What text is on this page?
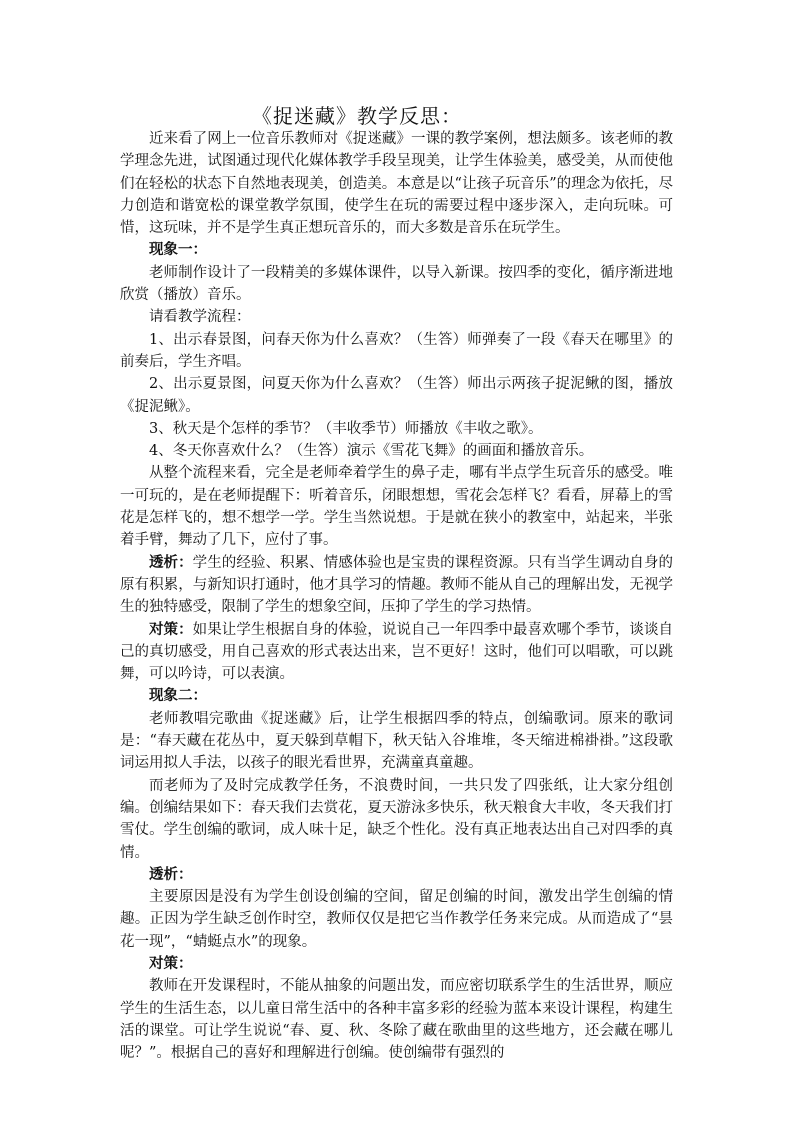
《捉迷藏》教学反思：

近来看了网上一位音乐教师对《捉迷藏》一课的教学案例，想法颇多。该老师的教学理念先进，试图通过现代化媒体教学手段呈现美，让学生体验美，感受美，从而使他们在轻松的状态下自然地表现美，创造美。本意是以“让孩子玩音乐”的理念为依托，尽力创造和谐宽松的课堂教学氛围，使学生在玩的需要过程中逐步深入，走向玩味。可惜，这玩味，并不是学生真正想玩音乐的，而大多数是音乐在玩学生。

现象一：

老师制作设计了一段精美的多媒体课件，以导入新课。按四季的变化，循序渐进地欣赏（播放）音乐。

请看教学流程：

1、出示春景图，问春天你为什么喜欢？（生答）师弹奏了一段《春天在哪里》的前奏后，学生齐唱。

2、出示夏景图，问夏天你为什么喜欢？（生答）师出示两孩子捉泥鳅的图，播放《捉泥鳅》。

3、秋天是个怎样的季节？（丰收季节）师播放《丰收之歌》。

4、冬天你喜欢什么？（生答）演示《雪花飞舞》的画面和播放音乐。

从整个流程来看，完全是老师牵着学生的鼻子走，哪有半点学生玩音乐的感受。唯一可玩的，是在老师提醒下：听着音乐，闭眼想想，雪花会怎样飞？看看，屏幕上的雪花是怎样飞的，想不想学一学。学生当然说想。于是就在狭小的教室中，站起来，半张着手臂，舞动了几下，应付了事。

透析：学生的经验、积累、情感体验也是宝贵的课程资源。只有当学生调动自身的原有积累，与新知识打通时，他才具学习的情趣。教师不能从自己的理解出发，无视学生的独特感受，限制了学生的想象空间，压抑了学生的学习热情。

对策：如果让学生根据自身的体验，说说自己一年四季中最喜欢哪个季节，谈谈自己的真切感受，用自己喜欢的形式表达出来，岂不更好！这时，他们可以唱歌，可以跳舞，可以吟诗，可以表演。

现象二：

老师教唱完歌曲《捉迷藏》后，让学生根据四季的特点，创编歌词。原来的歌词是：“春天藏在花丛中，夏天躲到草帽下，秋天钻入谷堆堆，冬天缩进棉褂褂。”这段歌词运用拟人手法，以孩子的眼光看世界，充满童真童趣。

而老师为了及时完成教学任务，不浪费时间，一共只发了四张纸，让大家分组创编。创编结果如下：春天我们去赏花，夏天游泳多快乐，秋天粮食大丰收，冬天我们打雪仗。学生创编的歌词，成人味十足，缺乏个性化。没有真正地表达出自己对四季的真情。

透析：

主要原因是没有为学生创设创编的空间，留足创编的时间，激发出学生创编的情趣。正因为学生缺乏创作时空，教师仅仅是把它当作教学任务来完成。从而造成了“昙花一现”，“蜻蜓点水”的现象。

对策：

教师在开发课程时，不能从抽象的问题出发，而应密切联系学生的生活世界，顺应学生的生活生态，以儿童日常生活中的各种丰富多彩的经验为蓝本来设计课程，构建生活的课堂。可让学生说说“春、夏、秋、冬除了藏在歌曲里的这些地方，还会藏在哪儿呢？”。根据自己的喜好和理解进行创编。使创编带有强烈的
